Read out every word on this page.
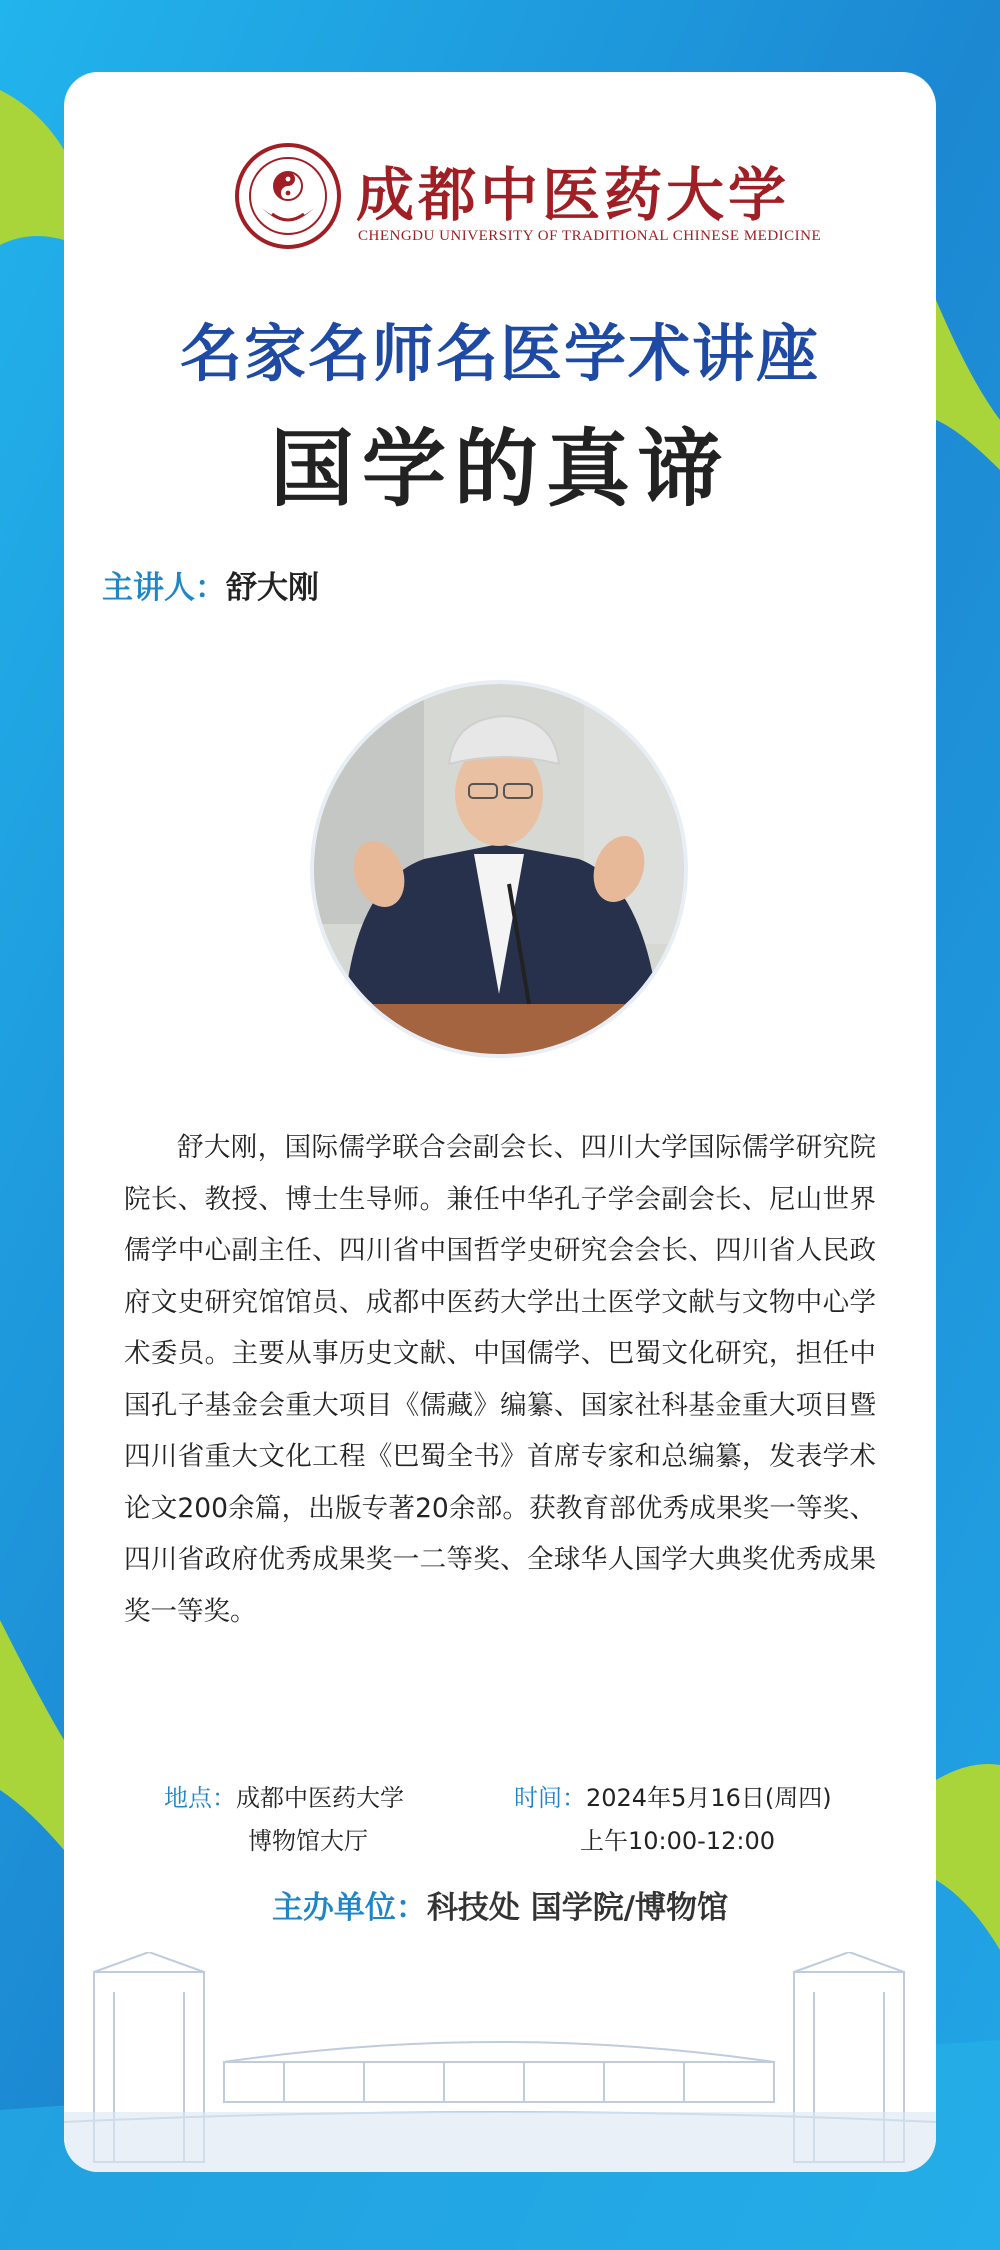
成都中医药大学
CHENGDU UNIVERSITY OF TRADITIONAL CHINESE MEDICINE
名家名师名医学术讲座
国学的真谛
主讲人：舒大刚
舒大刚，国际儒学联合会副会长、四川大学国际儒学研究院院长、教授、博士生导师。兼任中华孔子学会副会长、尼山世界儒学中心副主任、四川省中国哲学史研究会会长、四川省人民政府文史研究馆馆员、成都中医药大学出土医学文献与文物中心学术委员。主要从事历史文献、中国儒学、巴蜀文化研究，担任中国孔子基金会重大项目《儒藏》编纂、国家社科基金重大项目暨四川省重大文化工程《巴蜀全书》首席专家和总编纂，发表学术论文200余篇，出版专著20余部。获教育部优秀成果奖一等奖、四川省政府优秀成果奖一二等奖、全球华人国学大典奖优秀成果奖一等奖。
地点：成都中医药大学
博物馆大厅
时间：2024年5月16日(周四)
上午10:00-12:00
主办单位：科技处 国学院/博物馆
